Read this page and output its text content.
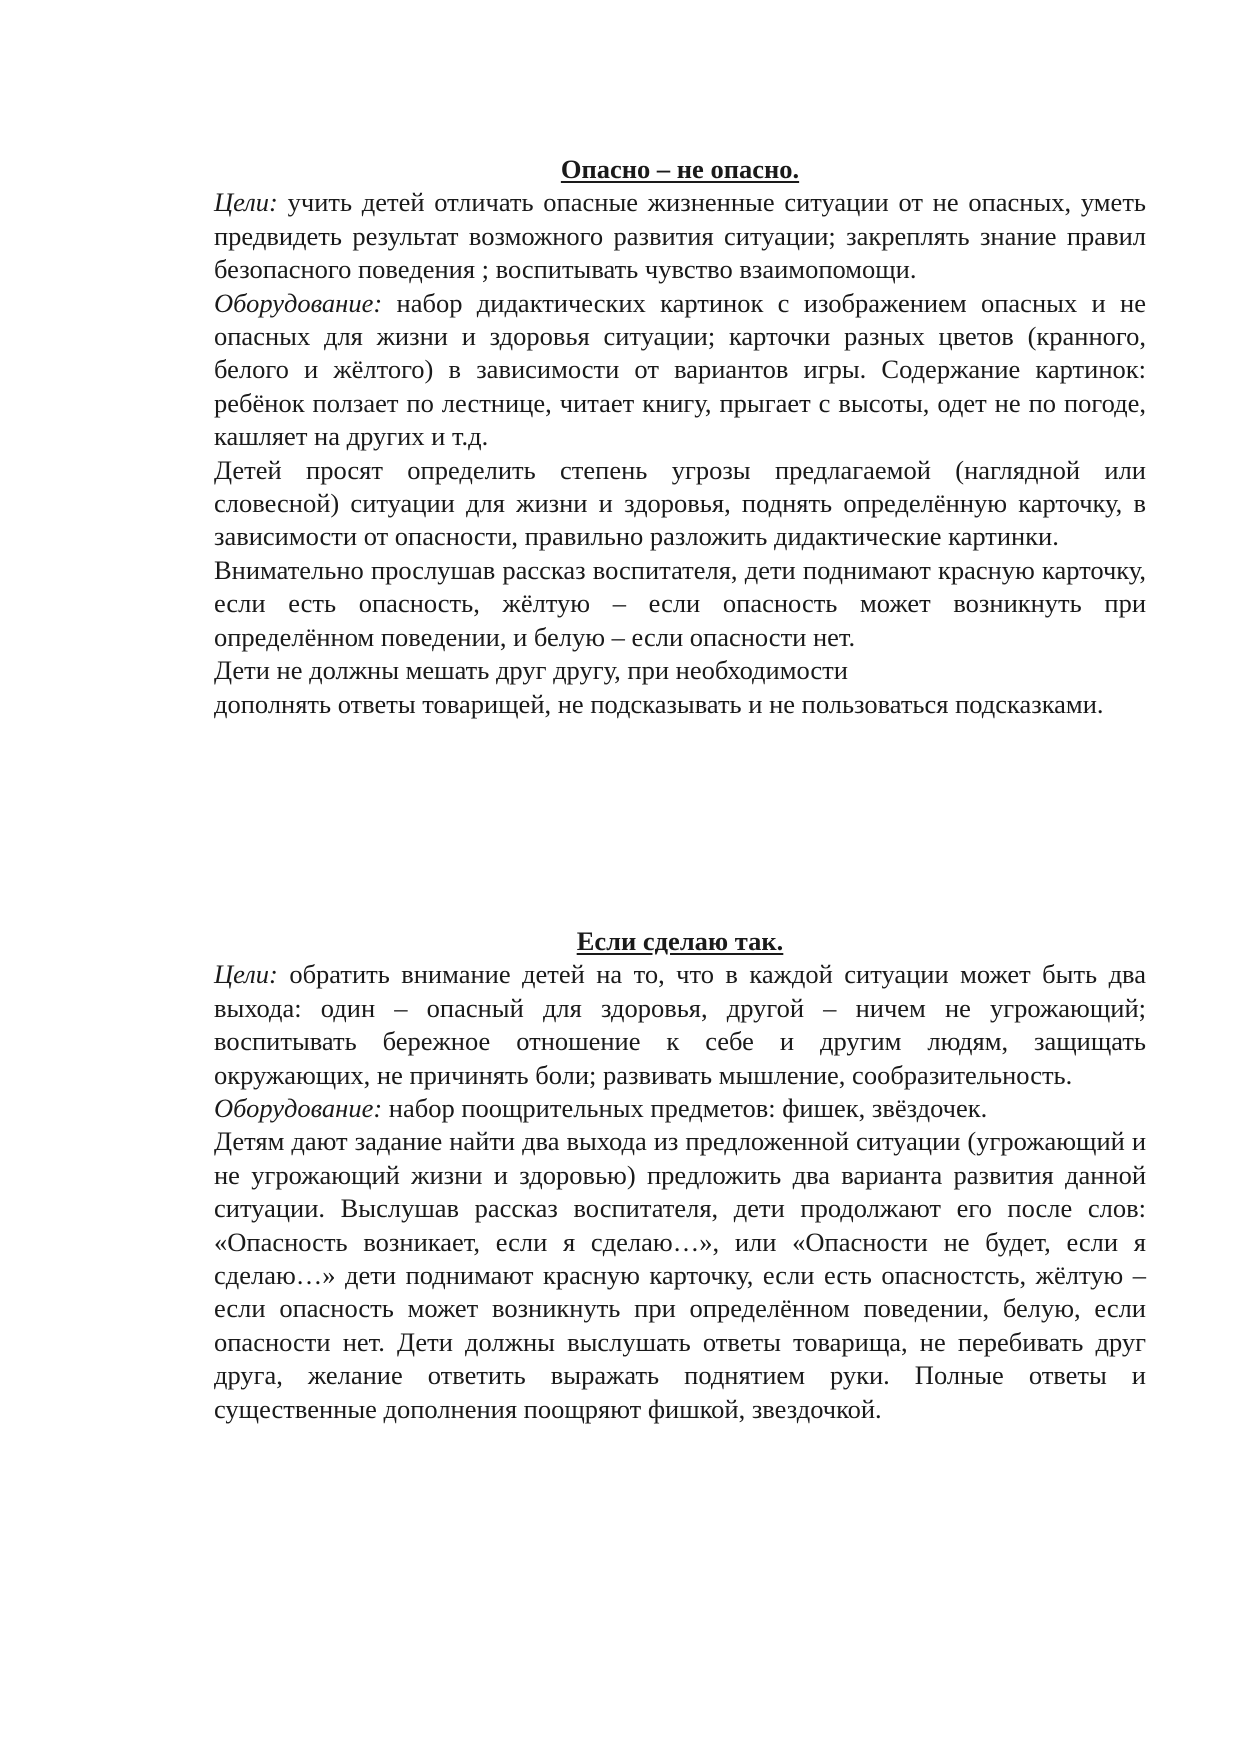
Опасно – не опасно.

Цели: учить детей отличать опасные жизненные ситуации от не опасных, уметь предвидеть результат возможного развития ситуации; закреплять знание правил безопасного поведения ; воспитывать чувство взаимопомощи.

Оборудование: набор дидактических картинок с изображением опасных и не опасных для жизни и здоровья ситуации; карточки разных цветов (кранного, белого и жёлтого) в зависимости от вариантов игры. Содержание картинок: ребёнок ползает по лестнице, читает книгу, прыгает с высоты, одет не по погоде, кашляет на других и т.д.

Детей просят определить степень угрозы предлагаемой (наглядной или словесной) ситуации для жизни и здоровья, поднять определённую карточку, в зависимости от опасности, правильно разложить дидактические картинки.

Внимательно прослушав рассказ воспитателя, дети поднимают красную карточку, если есть опасность, жёлтую – если опасность может возникнуть при определённом поведении, и белую – если опасности нет.

Дети не должны мешать друг другу, при необходимости

дополнять ответы товарищей, не подсказывать и не пользоваться подсказками.

Если сделаю так.

Цели: обратить внимание детей на то, что в каждой ситуации может быть два выхода: один – опасный для здоровья, другой – ничем не угрожающий; воспитывать бережное отношение к себе и другим людям, защищать окружающих, не причинять боли; развивать мышление, сообразительность.

Оборудование: набор поощрительных предметов: фишек, звёздочек.

Детям дают задание найти два выхода из предложенной ситуации (угрожающий и не угрожающий жизни и здоровью) предложить два варианта развития данной ситуации. Выслушав рассказ воспитателя, дети продолжают его после слов: «Опасность возникает, если я сделаю…», или «Опасности не будет, если я сделаю…» дети поднимают красную карточку, если есть опасностсть, жёлтую – если опасность может возникнуть при определённом поведении, белую, если опасности нет. Дети должны выслушать ответы товарища, не перебивать друг друга, желание ответить выражать поднятием руки. Полные ответы и существенные дополнения поощряют фишкой, звездочкой.
